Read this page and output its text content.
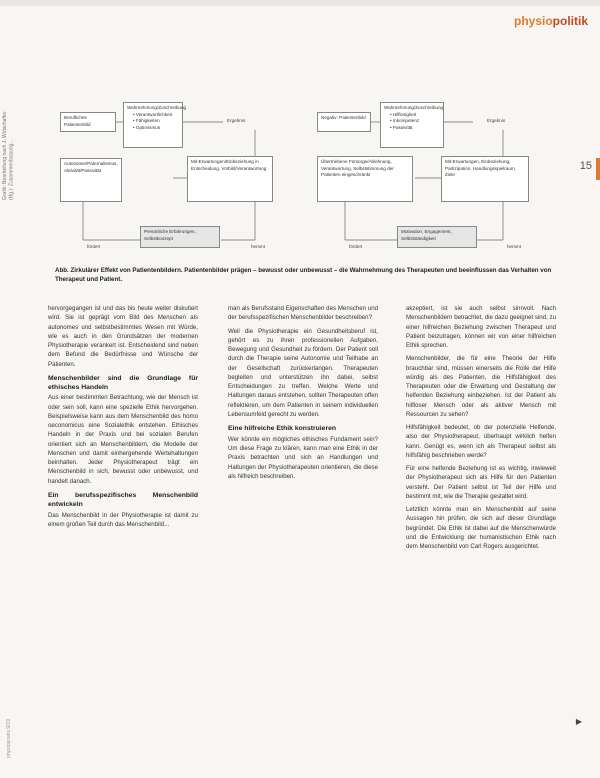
physiopolitik
15
Grafik: Bearbeitung nach J. Wirtschafter (Hg.): Zusammenfassung ...
physiopraxis 9/19
Berufliches Patientenbild
Wahrnehmung/Zuschreibung
• Verantwortlichkeit
• Fähigkeiten
• Optimismus
Ergebnis
Autonomie/Paternalismus, Aktivität/Passivität
Mit-Erwartungen/Einbeziehung in Entscheidung, Vorbild/Verantwortung
Persönliche Erfahrungen, Selbstkonzept
fördert	hemmt
Negativ: Patientenbild
Wahrnehmung/Zuschreibung
• Hilflosigkeit
• Inkompetenz
• Passivität
Ergebnis
Übertriebene Fürsorge/Ablehnung, Verantwortung, Selbststimmung der Patienten eingeschränkt
Mit-Erwartungen, Einbeziehung, Partizipation, Handlungsspielraum, Ziele
Motivation, Engagement, Selbstständigkeit
fördert	hemmt
Abb. Zirkulärer Effekt von Patientenbildern. Patientenbilder prägen – bewusst oder unbewusst – die Wahrnehmung des Therapeuten und beeinflussen das Verhalten von Therapeut und Patient.

hervorgegangen ist und das bis heute weiter diskutiert wird. Sie ist geprägt vom Bild des Menschen als autonomes und selbstbestimmtes Wesen mit Würde, wie es auch in den Grundsätzen der modernen Physiotherapie verankert ist. Entscheidend sind neben dem Befund die Bedürfnisse und Wünsche der Patienten.

Menschenbilder sind die Grundlage für ethisches Handeln

Aus einer bestimmten Betrachtung, wie der Mensch ist oder sein soll, kann eine spezielle Ethik hervorgehen. Beispielsweise kann aus dem Menschenbild des homo oeconomicus eine Sozialethik entstehen. Ethisches Handeln in der Praxis und bei sozialen Berufen orientiert sich an Menschenbildern, die Modelle der Menschen und damit einhergehende Wertehaltungen beinhalten. Jeder Physiotherapeut trägt ein Menschenbild in sich, bewusst oder unbewusst, und handelt danach.

Ein berufsspezifisches Menschenbild entwickeln

Das Menschenbild in der Physiotherapie ist damit zu einem großen Teil durch das Menschenbild...

man als Berufsstand Eigenschaften des Menschen und der berufsspezifischen Menschenbilder beschreiben?

Weil die Physiotherapie ein Gesundheitsberuf ist, gehört es zu ihren professionellen Aufgaben, Bewegung und Gesundheit zu fördern. Der Patient soll durch die Therapie seine Autonomie und Teilhabe an der Gesellschaft zurückerlangen. Therapeuten begleiten und unterstützen ihn dabei, selbst Entscheidungen zu treffen. Welche Werte und Haltungen daraus entstehen, sollten Therapeuten offen reflektieren, um dem Patienten in seinem individuellen Lebensumfeld gerecht zu werden.

Eine hilfreiche Ethik konstruieren

Wer könnte ein mögliches ethisches Fundament sein? Um diese Frage zu klären, kann man eine Ethik in der Praxis betrachten und sich an Handlungen und Haltungen der Physiotherapeuten orientieren, die diese als hilfreich beschreiben.

akzeptiert, ist sie auch selbst sinnvoll. Nach Menschenbildern betrachtet, die dazu geeignet sind, zu einer hilfreichen Beziehung zwischen Therapeut und Patient beizutragen, können wir von einer hilfreichen Ethik sprechen.

Menschenbilder, die für eine Theorie der Hilfe brauchbar sind, müssen einerseits die Rolle der Hilfe würdig als des Patienten, die Hilfsfähigkeit des Therapeuten oder die Erwartung und Gestaltung der helfenden Beziehung einbeziehen. Ist der Patient als hilfloser Mensch oder als aktiver Mensch mit Ressourcen zu sehen?

Hilfsfähigkeit bedeutet, ob der potenzielle Helfende, also der Physiotherapeut, überhaupt wirklich helfen kann. Genügt es, wenn ich als Therapeut selbst als hilfsfähig beschrieben werde?

Für eine helfende Beziehung ist es wichtig, inwieweit der Physiotherapeut sich als Hilfe für den Patienten versteht. Der Patient selbst ist Teil der Hilfe und bestimmt mit, wie die Therapie gestaltet wird.

Letztlich könnte man ein Menschenbild auf seine Aussagen hin prüfen, die sich auf dieser Grundlage begründet. Die Ethik ist dabei auf die Menschenwürde und die Entwicklung der humanistischen Ethik nach dem Menschenbild von Carl Rogers ausgerichtet.

▶
